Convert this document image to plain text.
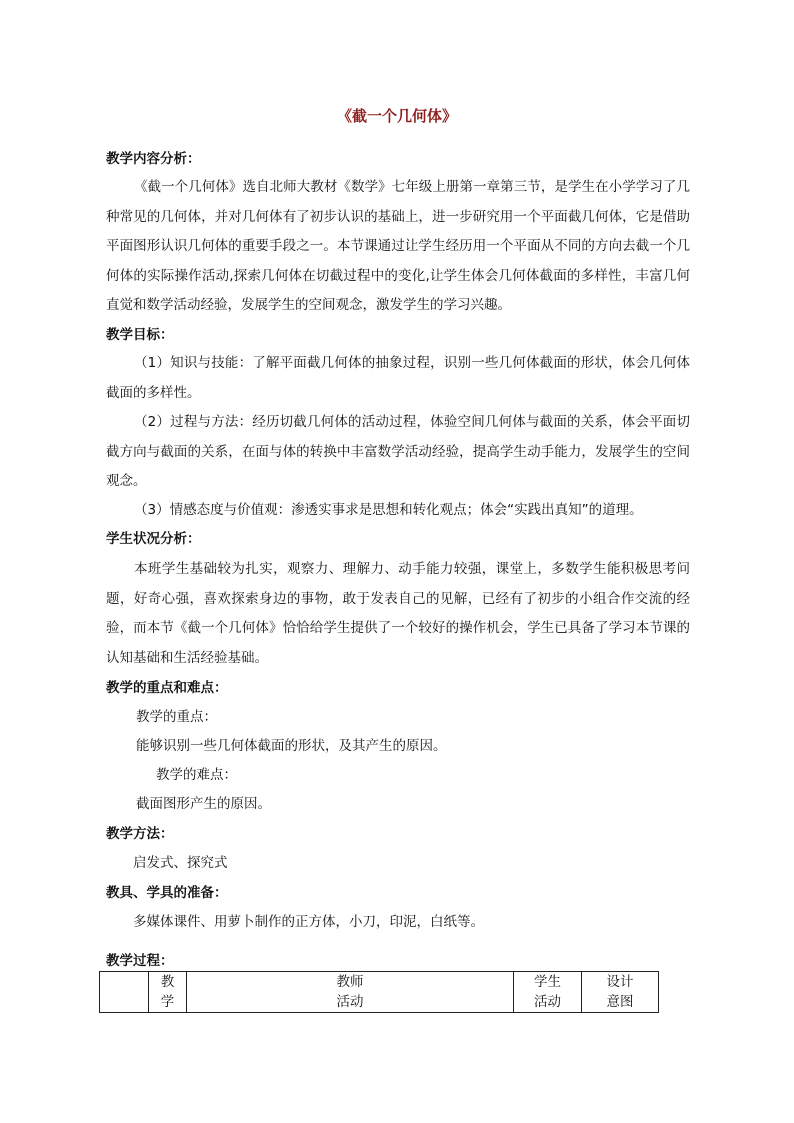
《截一个几何体》
教学内容分析：

《截一个几何体》选自北师大教材《数学》七年级上册第一章第三节，是学生在小学学习了几种常见的几何体，并对几何体有了初步认识的基础上，进一步研究用一个平面截几何体，它是借助平面图形认识几何体的重要手段之一。本节课通过让学生经历用一个平面从不同的方向去截一个几何体的实际操作活动,探索几何体在切截过程中的变化,让学生体会几何体截面的多样性，丰富几何直觉和数学活动经验，发展学生的空间观念，激发学生的学习兴趣。

教学目标：

（1）知识与技能：了解平面截几何体的抽象过程，识别一些几何体截面的形状，体会几何体截面的多样性。

（2）过程与方法：经历切截几何体的活动过程，体验空间几何体与截面的关系，体会平面切截方向与截面的关系，在面与体的转换中丰富数学活动经验，提高学生动手能力，发展学生的空间观念。

（3）情感态度与价值观：渗透实事求是思想和转化观点；体会“实践出真知”的道理。

学生状况分析：

本班学生基础较为扎实，观察力、理解力、动手能力较强，课堂上，多数学生能积极思考问题，好奇心强，喜欢探索身边的事物，敢于发表自己的见解，已经有了初步的小组合作交流的经验，而本节《截一个几何体》恰恰给学生提供了一个较好的操作机会，学生已具备了学习本节课的认知基础和生活经验基础。

教学的重点和难点：
教学的重点：
能够识别一些几何体截面的形状，及其产生的原因。
教学的难点：
截面图形产生的原因。
教学方法：
启发式、探究式
教具、学具的准备：
多媒体课件、用萝卜制作的正方体，小刀，印泥，白纸等。
教学过程：
	教学	教师活动	学生活动	设计意图
